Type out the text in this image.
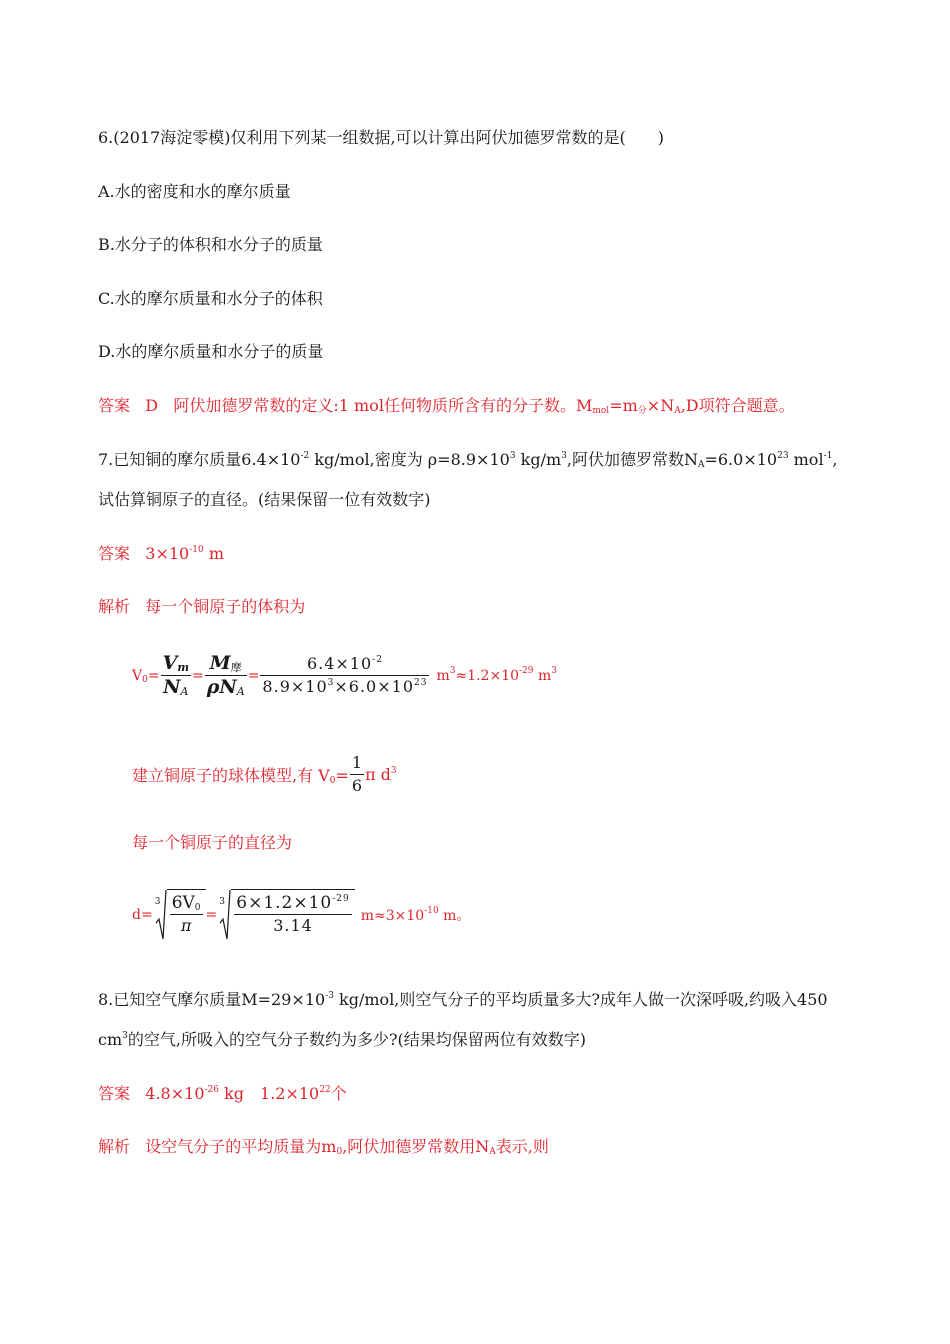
6.(2017海淀零模)仅利用下列某一组数据,可以计算出阿伏加德罗常数的是(　　)
A.水的密度和水的摩尔质量
B.水分子的体积和水分子的质量
C.水的摩尔质量和水分子的体积
D.水的摩尔质量和水分子的质量
答案 D 阿伏加德罗常数的定义:1 mol任何物质所含有的分子数。$M_{mol}=m_分\times N_A,D$项符合题意。
7.已知铜的摩尔质量$6.4\times 10^{-2}$ kg/mol,密度为 $\rho=8.9\times 10^3$ $kg/m^3$,阿伏加德罗常数$N_A=6.0\times 10^{23}$ mol$^{-1}$,
试估算铜原子的直径。(结果保留一位有效数字)
答案 $3\times 10^{-10}$ m
解析 每一个铜原子的体积为
$V_0= \frac{V_m}{N_A} = \frac{M_摩}{\rho N_A} = \frac{6.4\times 10^{-2}}{8.9\times 10^3\times 6.0\times 10^{23}} m^3\approx 1.2\times 10^{-29}$ $m^3$
建立铜原子的球体模型,有 $V_0= \frac{1}{6}$ π $d^3$
每一个铜原子的直径为
d=
$3 \frac{6V_0}{\pi}$ =
$3 \frac{6\times 1.2\times 10^{-29}}{3.14} m\approx 3\times 10^{-10}$ m。
8.已知空气摩尔质量$M=29\times 10^{-3}$ kg/mol,则空气分子的平均质量多大?成年人做一次深呼吸,约吸入450
$cm^3$的空气,所吸入的空气分子数约为多少?(结果均保留两位有效数字)
答案 $4.8\times 10^{-26}$ kg　$1.2\times 10^{22}$个
解析 设空气分子的平均质量为$m_0$,阿伏加德罗常数用$N_A$表示,则
